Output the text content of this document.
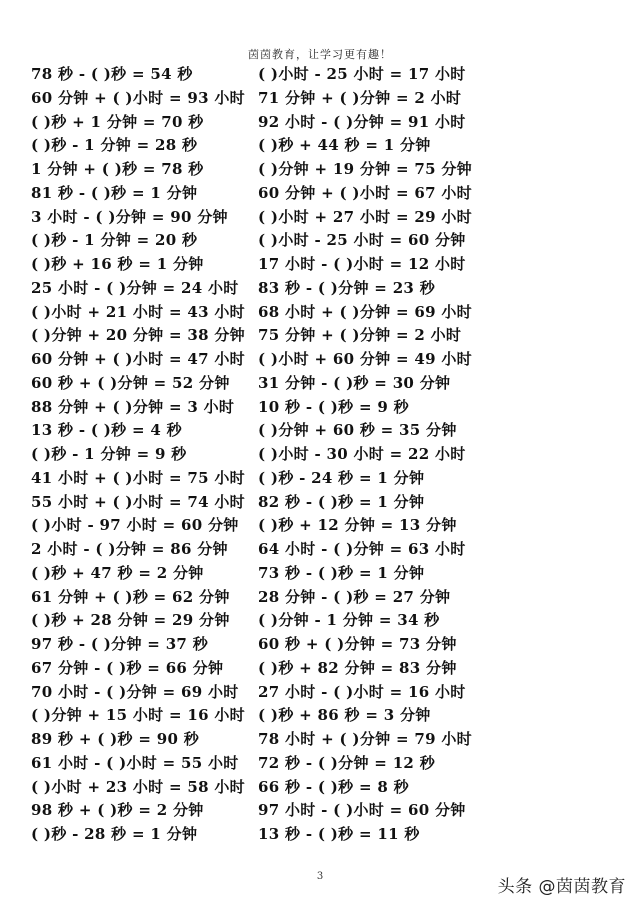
茵茵教育，让学习更有趣！
78 秒 - ( )秒 = 54 秒
60 分钟 + ( )小时 = 93 小时
( )秒 + 1 分钟 = 70 秒
( )秒 - 1 分钟 = 28 秒
1 分钟 + ( )秒 = 78 秒
81 秒 - ( )秒 = 1 分钟
3 小时 - ( )分钟 = 90 分钟
( )秒 - 1 分钟 = 20 秒
( )秒 + 16 秒 = 1 分钟
25 小时 - ( )分钟 = 24 小时
( )小时 + 21 小时 = 43 小时
( )分钟 + 20 分钟 = 38 分钟
60 分钟 + ( )小时 = 47 小时
60 秒 + ( )分钟 = 52 分钟
88 分钟 + ( )分钟 = 3 小时
13 秒 - ( )秒 = 4 秒
( )秒 - 1 分钟 = 9 秒
41 小时 + ( )小时 = 75 小时
55 小时 + ( )小时 = 74 小时
( )小时 - 97 小时 = 60 分钟
2 小时 - ( )分钟 = 86 分钟
( )秒 + 47 秒 = 2 分钟
61 分钟 + ( )秒 = 62 分钟
( )秒 + 28 分钟 = 29 分钟
97 秒 - ( )分钟 = 37 秒
67 分钟 - ( )秒 = 66 分钟
70 小时 - ( )分钟 = 69 小时
( )分钟 + 15 小时 = 16 小时
89 秒 + ( )秒 = 90 秒
61 小时 - ( )小时 = 55 小时
( )小时 + 23 小时 = 58 小时
98 秒 + ( )秒 = 2 分钟
( )秒 - 28 秒 = 1 分钟
( )小时 - 25 小时 = 17 小时
71 分钟 + ( )分钟 = 2 小时
92 小时 - ( )分钟 = 91 小时
( )秒 + 44 秒 = 1 分钟
( )分钟 + 19 分钟 = 75 分钟
60 分钟 + ( )小时 = 67 小时
( )小时 + 27 小时 = 29 小时
( )小时 - 25 小时 = 60 分钟
17 小时 - ( )小时 = 12 小时
83 秒 - ( )分钟 = 23 秒
68 小时 + ( )分钟 = 69 小时
75 分钟 + ( )分钟 = 2 小时
( )小时 + 60 分钟 = 49 小时
31 分钟 - ( )秒 = 30 分钟
10 秒 - ( )秒 = 9 秒
( )分钟 + 60 秒 = 35 分钟
( )小时 - 30 小时 = 22 小时
( )秒 - 24 秒 = 1 分钟
82 秒 - ( )秒 = 1 分钟
( )秒 + 12 分钟 = 13 分钟
64 小时 - ( )分钟 = 63 小时
73 秒 - ( )秒 = 1 分钟
28 分钟 - ( )秒 = 27 分钟
( )分钟 - 1 分钟 = 34 秒
60 秒 + ( )分钟 = 73 分钟
( )秒 + 82 分钟 = 83 分钟
27 小时 - ( )小时 = 16 小时
( )秒 + 86 秒 = 3 分钟
78 小时 + ( )分钟 = 79 小时
72 秒 - ( )分钟 = 12 秒
66 秒 - ( )秒 = 8 秒
97 小时 - ( )小时 = 60 分钟
13 秒 - ( )秒 = 11 秒
3
头条 @茵茵教育
